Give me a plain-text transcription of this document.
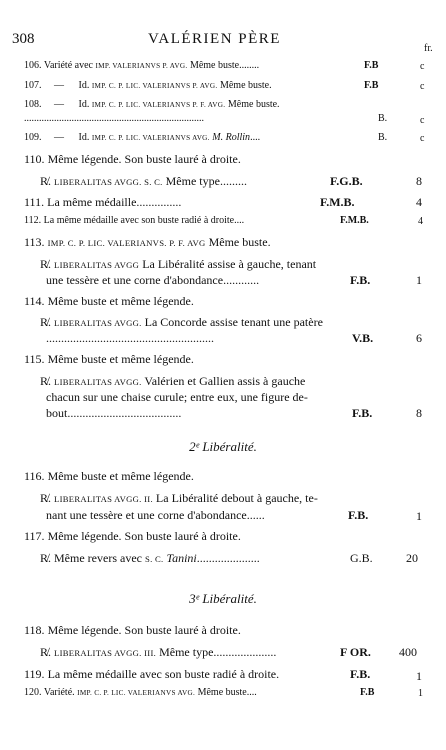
308	VALÉRIEN PÈRE
fr.
106. Variété avec IMP. VALERIANVS P. AVG. Même buste........	F.B	c
107. — Id. IMP. C. P. LIC. VALERIANVS P. AVG. Même buste.	F.B	c
108. — Id. IMP. C. P. LIC. VALERIANVS P. F. AVG. Même buste.
........................................................................	B.	c
109. — Id. IMP. C. P. LIC. VALERIANVS AVG. M. Rollin....	B.	c
110. Même légende. Son buste lauré à droite.
R̸. LIBERALITAS AVGG. S. C. Même type.........	F.G.B.	8
111. La même médaille...............	F.M.B.	4
112. La même médaille avec son buste radié à droite....	F.M.B.	4
113. IMP. C. P. LIC. VALERIANVS. P. F. AVG Même buste.
R̸. LIBERALITAS AVGG La Libéralité assise à gauche, tenant
une tessère et une corne d'abondance............	F.B.	1
114. Même buste et même légende.
R̸. LIBERALITAS AVGG. La Concorde assise tenant une patère
........................................................	V.B.	6
115. Même buste et même légende.
R̸. LIBERALITAS AVGG. Valérien et Gallien assis à gauche
chacun sur une chaise curule; entre eux, une figure de-
bout......................................	F.B.	8
2ᵉ Libéralité.
116. Même buste et même légende.
R̸. LIBERALITAS AVGG. II. La Libéralité debout à gauche, te-
nant une tessère et une corne d'abondance......	F.B.	1
117. Même légende. Son buste lauré à droite.
R̸. Même revers avec S. C. Tanini.....................	G.B.	20
3ᵉ Libéralité.
118. Même légende. Son buste lauré à droite.
R̸. LIBERALITAS AVGG. III. Même type.....................	F OR. 400
119. La même médaille avec son buste radié à droite.	F.B.	1
120. Variété. IMP. C. P. LIC. VALERIANVS AVG. Même buste....	F.B	1
